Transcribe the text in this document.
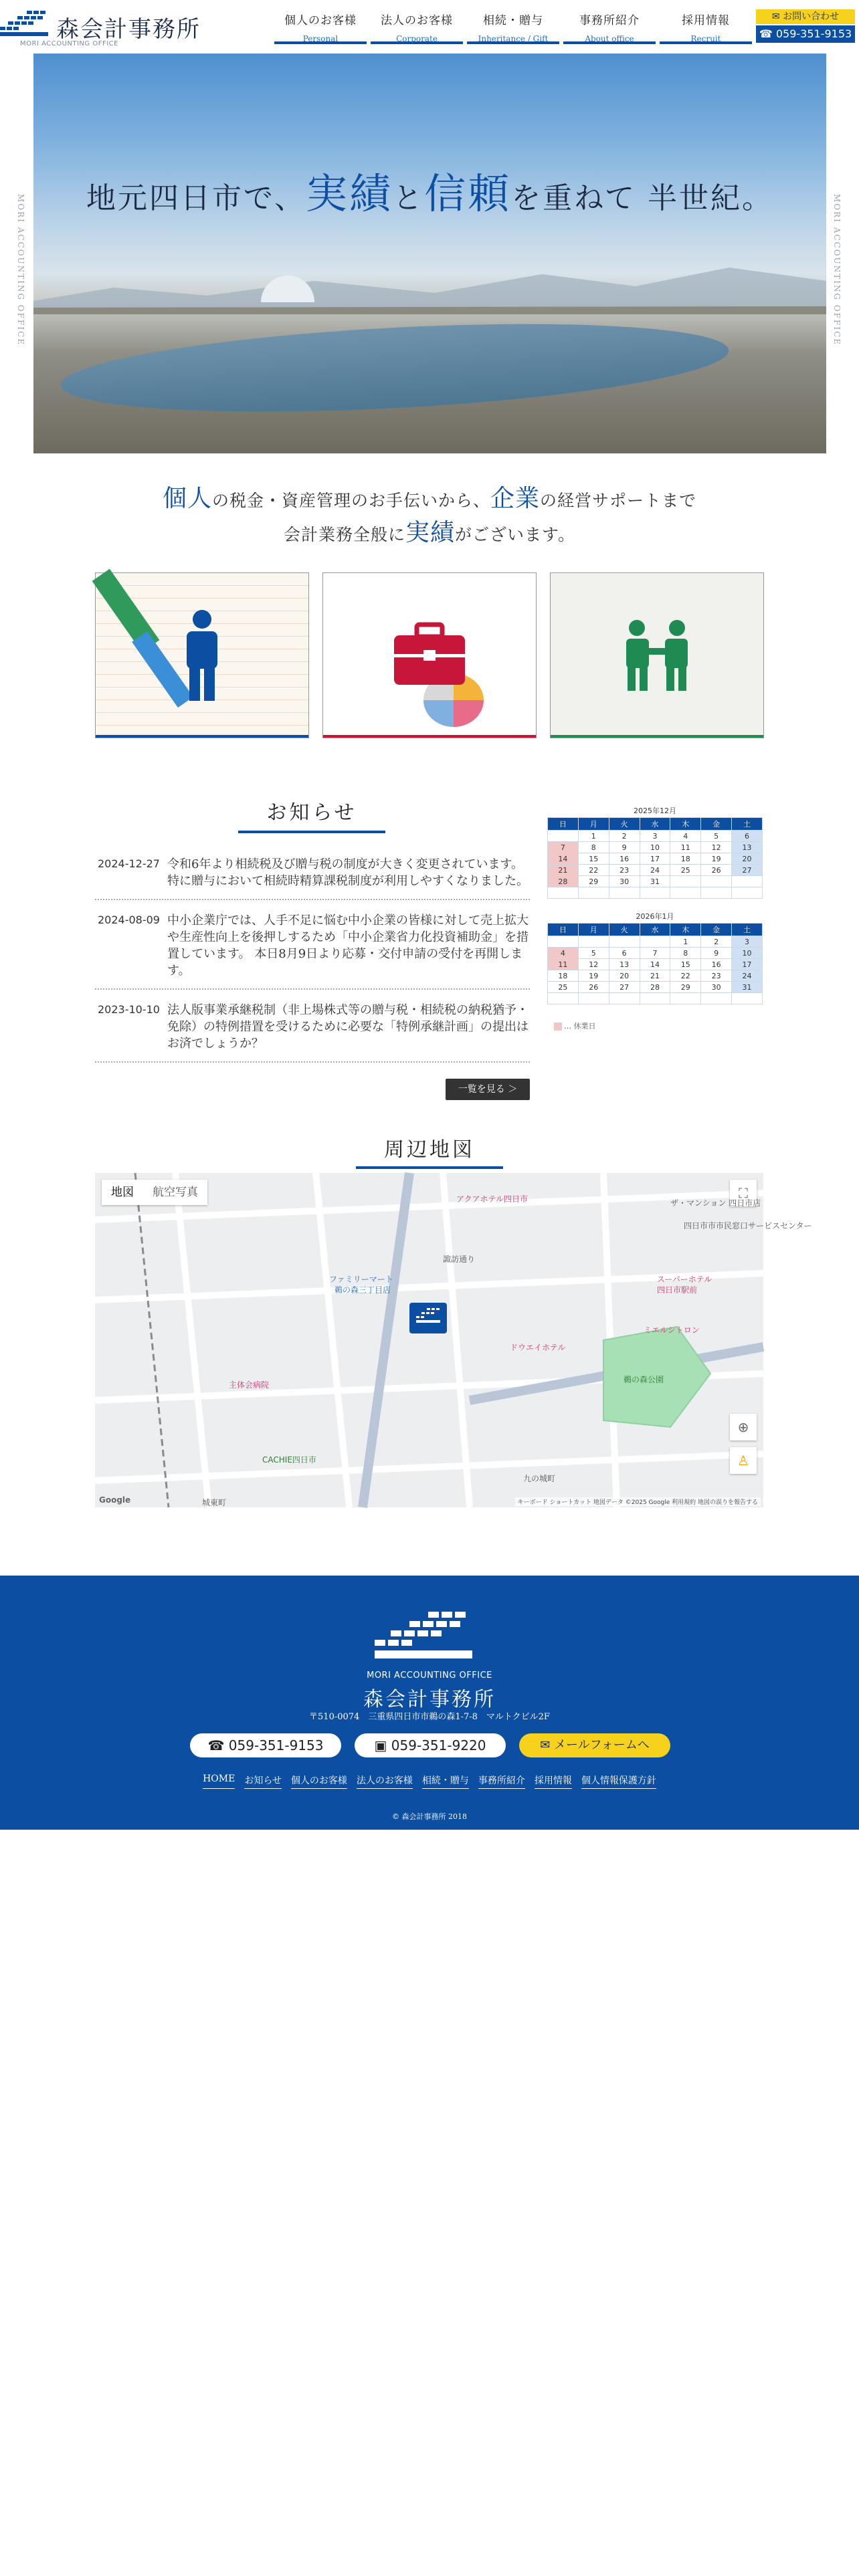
森会計事務所
MORI ACCOUNTING OFFICE
個人のお客様
Personal
法人のお客様
Corporate
相続・贈与
Inheritance / Gift
事務所紹介
About office
採用情報
Recruit
✉ お問い合わせ
☎ 059-351-9153
MORI ACCOUNTING OFFICE	MORI ACCOUNTING OFFICE
地元四日市で、実績と信頼を重ねて 半世紀。
個人の税金・資産管理のお手伝いから、企業の経営サポートまで
会計業務全般に実績がございます。
お知らせ
2024-12-27 令和6年より相続税及び贈与税の制度が大きく変更されています。 特に贈与において相続時精算課税制度が利用しやすくなりました。
2024-08-09 中小企業庁では、人手不足に悩む中小企業の皆様に対して売上拡大や生産性向上を後押しするため「中小企業省力化投資補助金」を措置しています。 本日8月9日より応募・交付申請の受付を再開します。
2023-10-10 法人版事業承継税制（非上場株式等の贈与税・相続税の納税猶予・免除）の特例措置を受けるために必要な「特例承継計画」の提出はお済でしょうか？
一覧を見る ＞
2025年12月
日	月	火	水	木	金	土
	1	2	3	4	5	6
7	8	9	10	11	12	13
14	15	16	17	18	19	20
21	22	23	24	25	26	27
28	29	30	31			

2026年1月
日	月	火	水	木	金	土
				1	2	3
4	5	6	7	8	9	10
11	12	13	14	15	16	17
18	19	20	21	22	23	24
25	26	27	28	29	30	31

… 休業日
周辺地図
地図	航空写真	⛶
⊕
♙
アクアホテル四日市
ファミリーマート
鵜の森三丁目店
鵜の森公園
スーパーホテル
四日市駅前
ドウエイホテル
ミエルシトロン
主体会病院
CACHIE四日市
四日市市市民窓口サービスセンター
ザ・マンション 四日市店
諏訪通り
九の城町
城東町
Google	キーボード ショートカット 地図データ ©2025 Google 利用規約 地図の誤りを報告する
MORI ACCOUNTING OFFICE
森会計事務所
〒510-0074　三重県四日市市鵜の森1-7-8　マルトクビル2F
☎ 059-351-9153	▣ 059-351-9220	✉ メールフォームへ
HOME お知らせ 個人のお客様 法人のお客様 相続・贈与 事務所紹介 採用情報 個人情報保護方針
© 森会計事務所 2018
